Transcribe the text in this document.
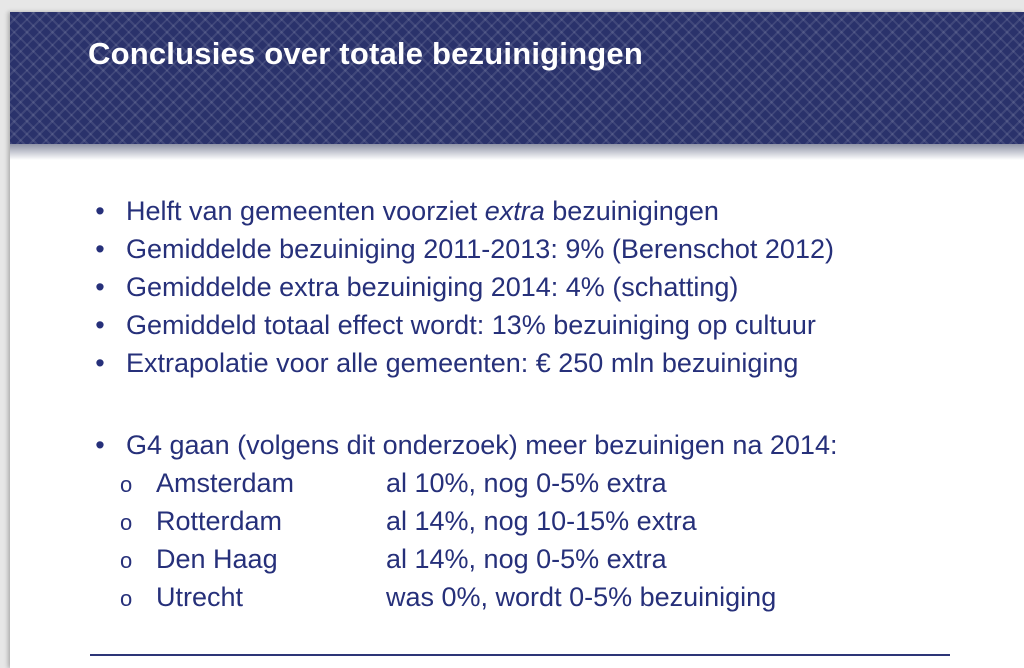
Conclusies over totale bezuinigingen
• Helft van gemeenten voorziet extra bezuinigingen
• Gemiddelde bezuiniging 2011-2013: 9% (Berenschot 2012)
• Gemiddelde extra bezuiniging 2014: 4% (schatting)
• Gemiddeld totaal effect wordt: 13% bezuiniging op cultuur
• Extrapolatie voor alle gemeenten: € 250 mln bezuiniging
• G4 gaan (volgens dit onderzoek) meer bezuinigen na 2014:
o Amsterdam	al 10%, nog 0-5% extra
o Rotterdam	al 14%, nog 10-15% extra
o Den Haag	al 14%, nog 0-5% extra
o Utrecht	was 0%, wordt 0-5% bezuiniging
